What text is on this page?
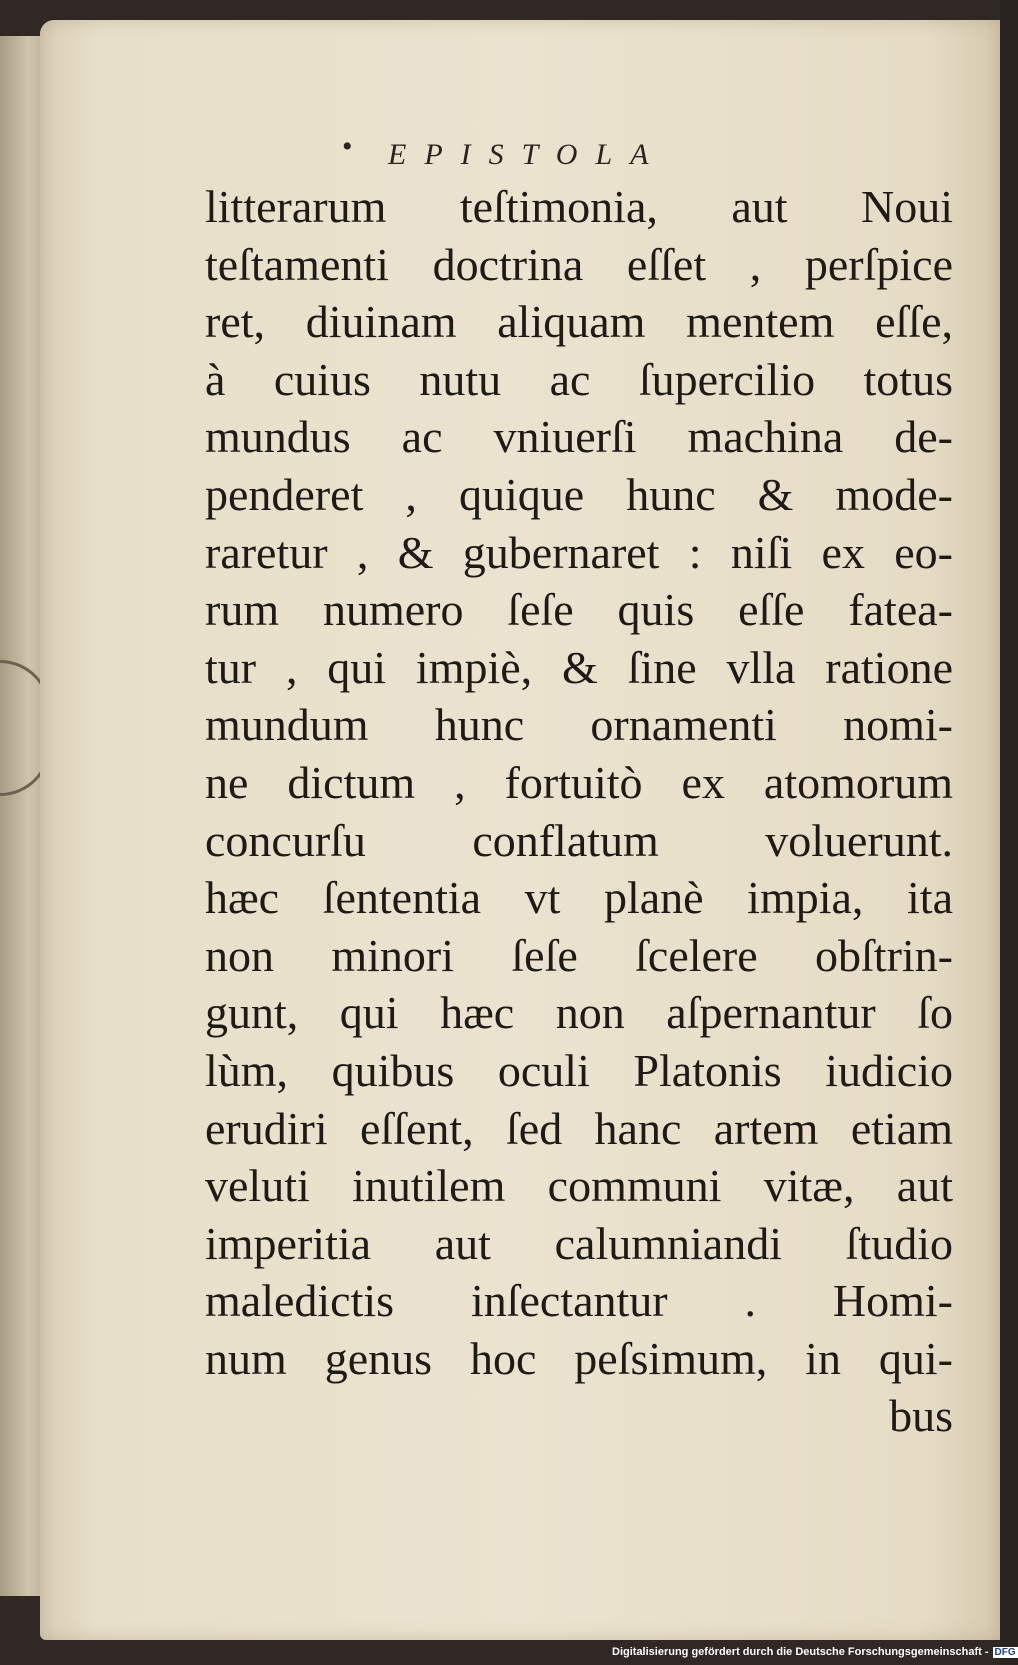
• EPISTOLA
litterarum teſtimonia, aut Noui
teſtamenti doctrina eſſet , perſpice
ret, diuinam aliquam mentem eſſe,
à cuius nutu ac ſupercilio totus
mundus ac vniuerſi machina de-
penderet , quique hunc & mode-
raretur , & gubernaret : niſi ex eo-
rum numero ſeſe quis eſſe fatea-
tur , qui impiè, & ſine vlla ratione
mundum hunc ornamenti nomi-
ne dictum , fortuitò ex atomorum
concurſu conflatum voluerunt.
hæc ſententia vt planè impia, ita
non minori ſeſe ſcelere obſtrin-
gunt, qui hæc non aſpernantur ſo
lùm, quibus oculi Platonis iudicio
erudiri eſſent, ſed hanc artem etiam
veluti inutilem communi vitæ, aut
imperitia aut calumniandi ſtudio
maledictis inſectantur . Homi-
num genus hoc peſsimum, in qui-
bus
Digitalisierung gefördert durch die Deutsche Forschungsgemeinschaft - DFG
